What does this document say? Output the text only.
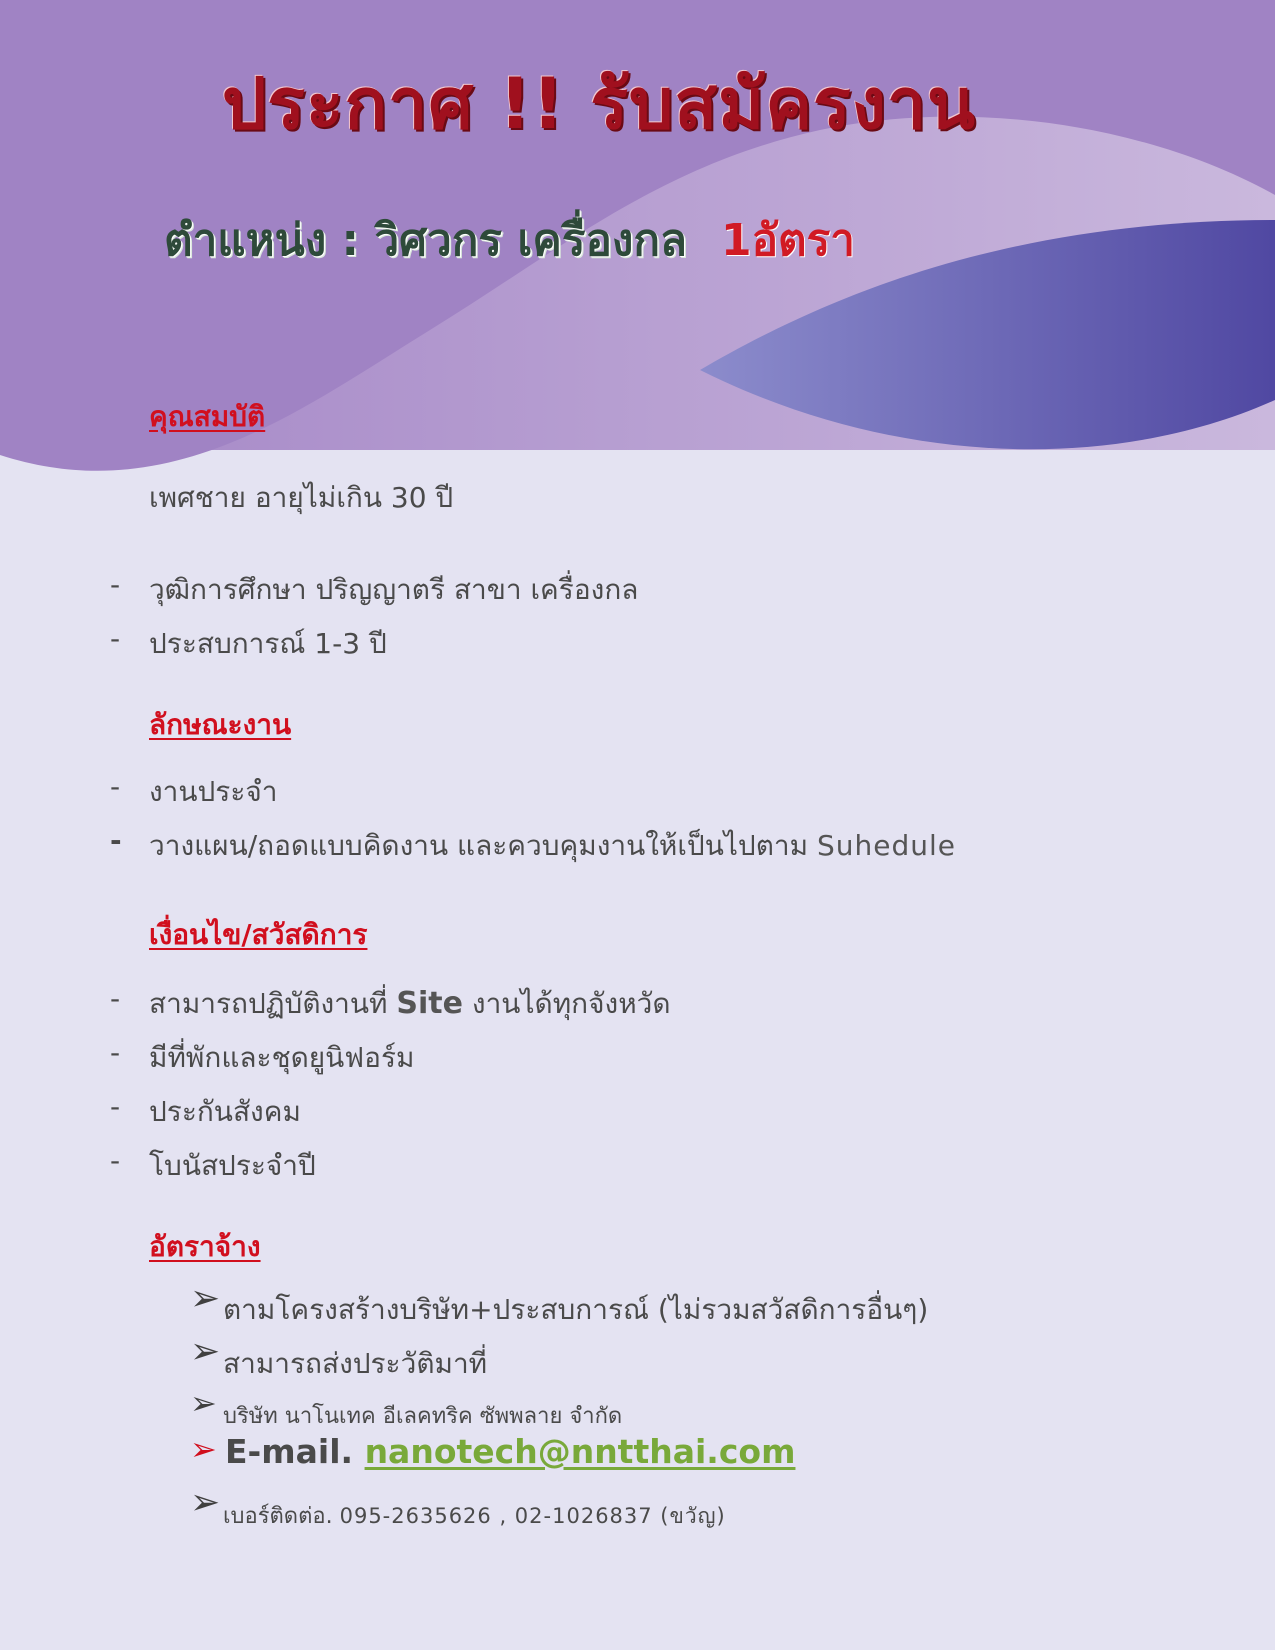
ประกาศ !! รับสมัครงาน
ตำแหน่ง : วิศวกร เครื่องกล 1อัตรา
คุณสมบัติ
เพศชาย อายุไม่เกิน 30 ปี
- วุฒิการศึกษา ปริญญาตรี สาขา เครื่องกล
- ประสบการณ์ 1-3 ปี
ลักษณะงาน
- งานประจำ
- วางแผน/ถอดแบบคิดงาน และควบคุมงานให้เป็นไปตาม Suhedule
เงื่อนไข/สวัสดิการ
- สามารถปฏิบัติงานที่ Site งานได้ทุกจังหวัด
- มีที่พักและชุดยูนิฟอร์ม
- ประกันสังคม
- โบนัสประจำปี
อัตราจ้าง
➢ ตามโครงสร้างบริษัท+ประสบการณ์ (ไม่รวมสวัสดิการอื่นๆ)
➢ สามารถส่งประวัติมาที่
➢ บริษัท นาโนเทค อีเลคทริค ซัพพลาย จำกัด
➢ E-mail. nanotech@nntthai.com
➢ เบอร์ติดต่อ. 095-2635626 , 02-1026837 (ขวัญ)
